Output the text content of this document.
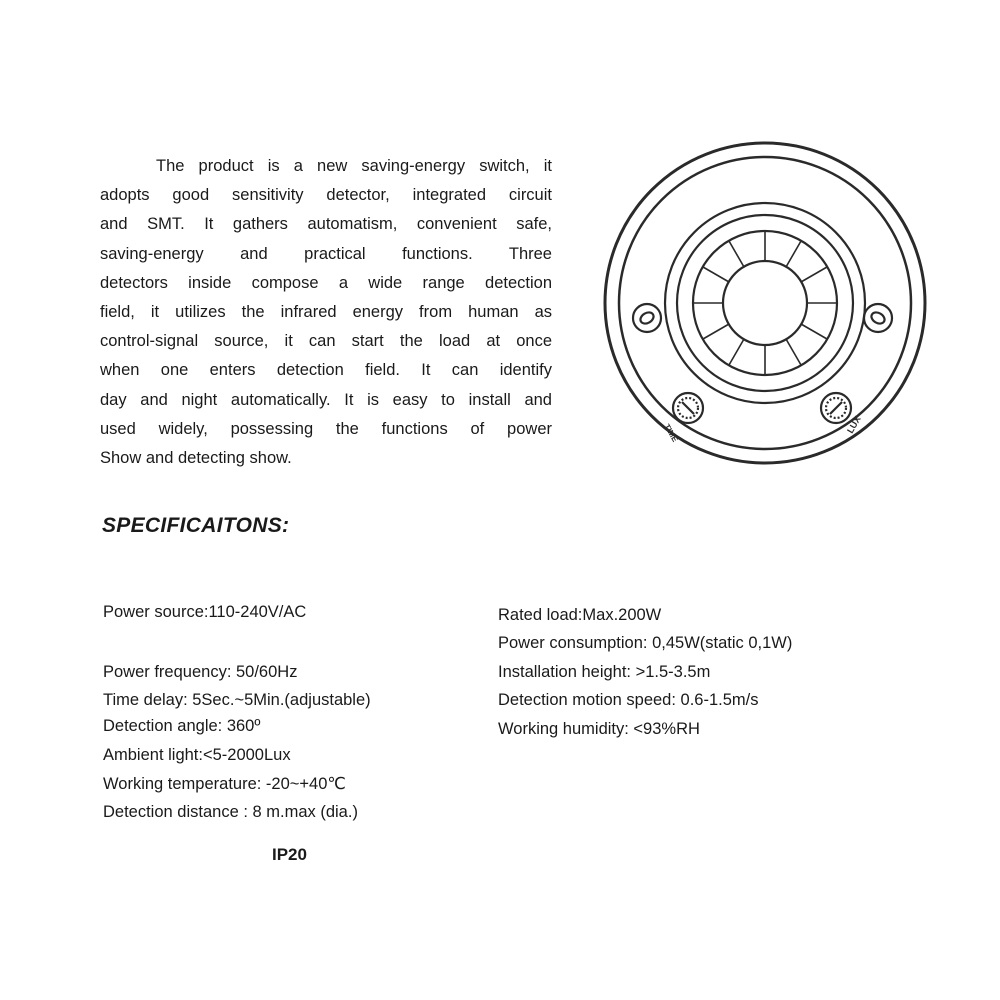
The product is a new saving-energy switch, it
adopts good sensitivity detector, integrated circuit
and SMT. It gathers automatism, convenient safe,
saving-energy and practical functions. Three
detectors inside compose a wide range detection
field, it utilizes the infrared energy from human as
control-signal source, it can start the load at once
when one enters detection field. It can identify
day and night automatically. It is easy to install and
used widely, possessing the functions of power
Show and detecting show.
TIME	LUX
SPECIFICAITONS:
Power source:110-240V/AC
Power frequency: 50/60Hz
Time delay: 5Sec.~5Min.(adjustable)
Detection angle: 360º
Ambient light:<5-2000Lux
Working temperature: -20~+40℃
Detection distance : 8 m.max (dia.)
Rated load:Max.200W
Power consumption: 0,45W(static 0,1W)
Installation height: >1.5-3.5m
Detection motion speed: 0.6-1.5m/s
Working humidity: <93%RH
IP20
